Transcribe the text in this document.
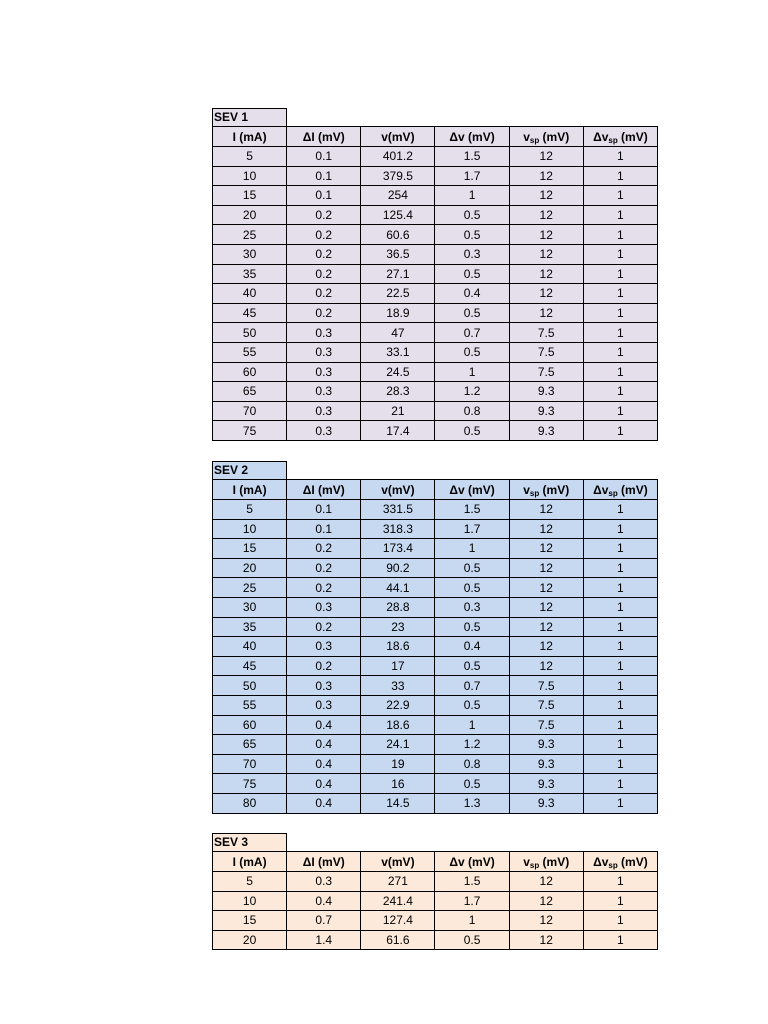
SEV 1
I (mA)	ΔI (mV)	v(mV)	Δv (mV)	$v_{sp}$ (mV)	$\Delta v_{sp}$ (mV)
5	0.1	401.2	1.5	12	1
10	0.1	379.5	1.7	12	1
15	0.1	254	1	12	1
20	0.2	125.4	0.5	12	1
25	0.2	60.6	0.5	12	1
30	0.2	36.5	0.3	12	1
35	0.2	27.1	0.5	12	1
40	0.2	22.5	0.4	12	1
45	0.2	18.9	0.5	12	1
50	0.3	47	0.7	7.5	1
55	0.3	33.1	0.5	7.5	1
60	0.3	24.5	1	7.5	1
65	0.3	28.3	1.2	9.3	1
70	0.3	21	0.8	9.3	1
75	0.3	17.4	0.5	9.3	1
SEV 2
I (mA)	ΔI (mV)	v(mV)	Δv (mV)	$v_{sp}$ (mV)	$\Delta v_{sp}$ (mV)
5	0.1	331.5	1.5	12	1
10	0.1	318.3	1.7	12	1
15	0.2	173.4	1	12	1
20	0.2	90.2	0.5	12	1
25	0.2	44.1	0.5	12	1
30	0.3	28.8	0.3	12	1
35	0.2	23	0.5	12	1
40	0.3	18.6	0.4	12	1
45	0.2	17	0.5	12	1
50	0.3	33	0.7	7.5	1
55	0.3	22.9	0.5	7.5	1
60	0.4	18.6	1	7.5	1
65	0.4	24.1	1.2	9.3	1
70	0.4	19	0.8	9.3	1
75	0.4	16	0.5	9.3	1
80	0.4	14.5	1.3	9.3	1
SEV 3
I (mA)	ΔI (mV)	v(mV)	Δv (mV)	$v_{sp}$ (mV)	$\Delta v_{sp}$ (mV)
5	0.3	271	1.5	12	1
10	0.4	241.4	1.7	12	1
15	0.7	127.4	1	12	1
20	1.4	61.6	0.5	12	1
